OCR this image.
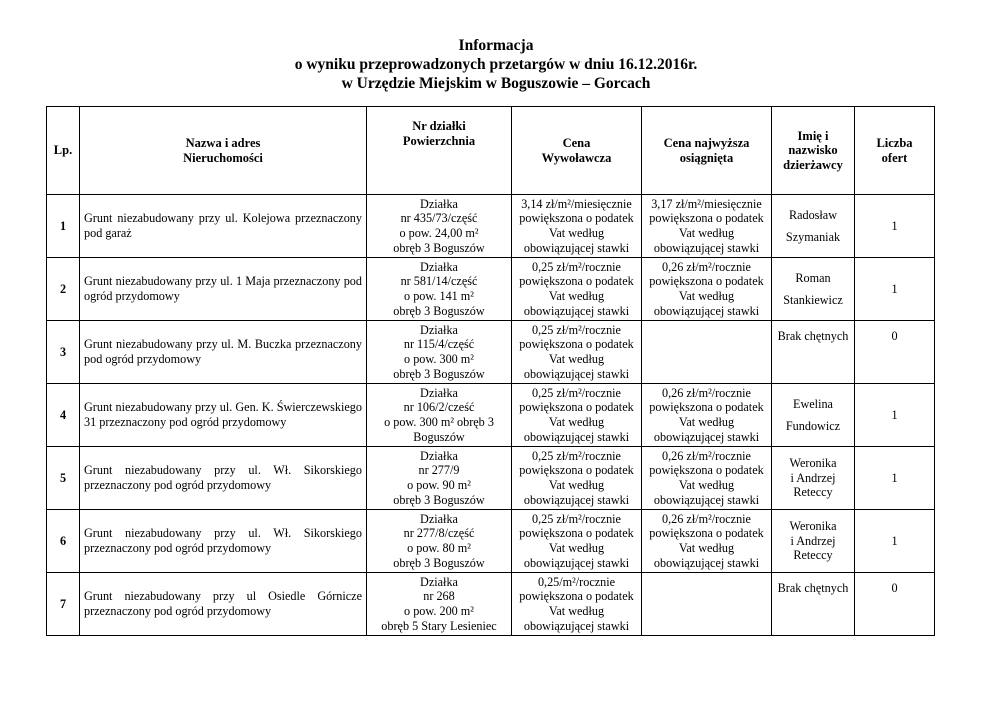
Informacja
o wyniku przeprowadzonych przetargów w dniu 16.12.2016r.
w Urzędzie Miejskim w Boguszowie – Gorcach
Lp.	Nazwa i adres
Nieruchomości	Nr działki
Powierzchnia	Cena
Wywoławcza	Cena najwyższa
osiągnięta	Imię i
nazwisko
dzierżawcy	Liczba
ofert

1	Grunt niezabudowany przy ul. Kolejowa przeznaczony pod garaż	Działka
nr 435/73/część
o pow. 24,00 m²
obręb 3 Boguszów	3,14 zł/m²/miesięcznie
powiększona o podatek
Vat według
obowiązującej stawki	3,17 zł/m²/miesięcznie
powiększona o podatek
Vat według
obowiązującej stawki	Radosław
Szymaniak	1
2	Grunt niezabudowany przy ul. 1 Maja przeznaczony pod ogród przydomowy	Działka
nr 581/14/część
o pow. 141 m²
obręb 3 Boguszów	0,25 zł/m²/rocznie
powiększona o podatek
Vat według
obowiązującej stawki	0,26 zł/m²/rocznie
powiększona o podatek
Vat według
obowiązującej stawki	Roman
Stankiewicz	1
3	Grunt niezabudowany przy ul. M. Buczka przeznaczony pod ogród przydomowy	Działka
nr 115/4/część
o pow. 300 m²
obręb 3 Boguszów	0,25 zł/m²/rocznie
powiększona o podatek
Vat według
obowiązującej stawki		Brak chętnych	0
4	Grunt niezabudowany przy ul. Gen. K. Świerczewskiego 31 przeznaczony pod ogród przydomowy	Działka
nr 106/2/cześć
o pow. 300 m² obręb 3
Boguszów	0,25 zł/m²/rocznie
powiększona o podatek
Vat według
obowiązującej stawki	0,26 zł/m²/rocznie
powiększona o podatek
Vat według
obowiązującej stawki	Ewelina
Fundowicz	1
5	Grunt niezabudowany przy ul. Wł. Sikorskiego przeznaczony pod ogród przydomowy	Działka
nr 277/9
o pow. 90 m²
obręb 3 Boguszów	0,25 zł/m²/rocznie
powiększona o podatek
Vat według
obowiązującej stawki	0,26 zł/m²/rocznie
powiększona o podatek
Vat według
obowiązującej stawki	Weronika
i Andrzej
Reteccy	1
6	Grunt niezabudowany przy ul. Wł. Sikorskiego przeznaczony pod ogród przydomowy	Działka
nr 277/8/część
o pow. 80 m²
obręb 3 Boguszów	0,25 zł/m²/rocznie
powiększona o podatek
Vat według
obowiązującej stawki	0,26 zł/m²/rocznie
powiększona o podatek
Vat według
obowiązującej stawki	Weronika
i Andrzej
Reteccy	1
7	Grunt niezabudowany przy ul Osiedle Górnicze przeznaczony pod ogród przydomowy	Działka
nr 268
o pow. 200 m²
obręb 5 Stary Lesieniec	0,25/m²/rocznie
powiększona o podatek
Vat według
obowiązującej stawki		Brak chętnych	0
